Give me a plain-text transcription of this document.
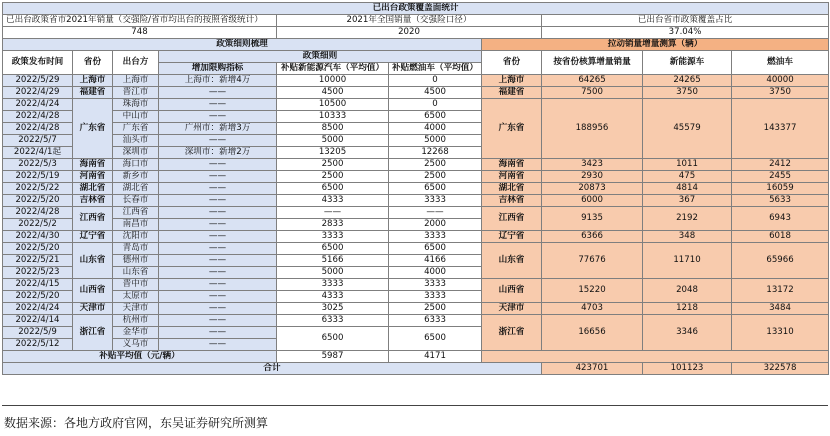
已出台政策覆盖面统计									
已出台政策省市2021年销量（交强险/省市均出台的按照省级统计）				2021年全国销量（交强险口径）			已出台省市政策覆盖占比		
748				2020			37.04%		
政策细则梳理						拉动销量增量测算（辆）			
政策发布时间	省份	出台方	政策细则			省份	按省份核算增量销量	新能源车	燃油车
			增加限购指标	补贴新能源汽车（平均值）	补贴燃油车（平均值）				
2022/5/29	上海市	上海市	上海市：新增4万	10000	0	上海市	64265	24265	40000
2022/4/29	福建省	晋江市	——	4500	4500	福建省	7500	3750	3750
2022/4/24	广东省	珠海市	——	10500	0	广东省	188956	45579	143377
2022/4/28		中山市	——	10333	6500				
2022/4/28		广东省	广州市：新增3万	8500	4000				
2022/5/7		汕头市	——	5000	5000				
2022/4/1起		深圳市	深圳市：新增2万	13205	12268				
2022/5/3	海南省	海口市	——	2500	2500	海南省	3423	1011	2412
2022/5/19	河南省	新乡市	——	2500	2500	河南省	2930	475	2455
2022/5/22	湖北省	湖北省	——	6500	6500	湖北省	20873	4814	16059
2022/5/20	吉林省	长春市	——	4333	3333	吉林省	6000	367	5633
2022/4/28	江西省	江西省	——	——	——	江西省	9135	2192	6943
2022/5/2		南昌市	——	2833	2000				
2022/4/30	辽宁省	沈阳市	——	3333	3333	辽宁省	6366	348	6018
2022/5/20	山东省	青岛市	——	6500	6500	山东省	77676	11710	65966
2022/5/21		德州市	——	5166	4166				
2022/5/23		山东省	——	5000	4000				
2022/4/15	山西省	晋中市	——	3333	3333	山西省	15220	2048	13172
2022/5/20		太原市	——	4333	3333				
2022/4/24	天津市	天津市	——	3025	2500	天津市	4703	1218	3484
2022/4/14	浙江省	杭州市	——	6333	6333	浙江省	16656	3346	13310
2022/5/9		金华市	——	6500	6500				
2022/5/12		义乌市	——						
补贴平均值（元/辆）				5987	4171				
合计							423701	101123	322578
数据来源：各地方政府官网，东吴证券研究所测算
